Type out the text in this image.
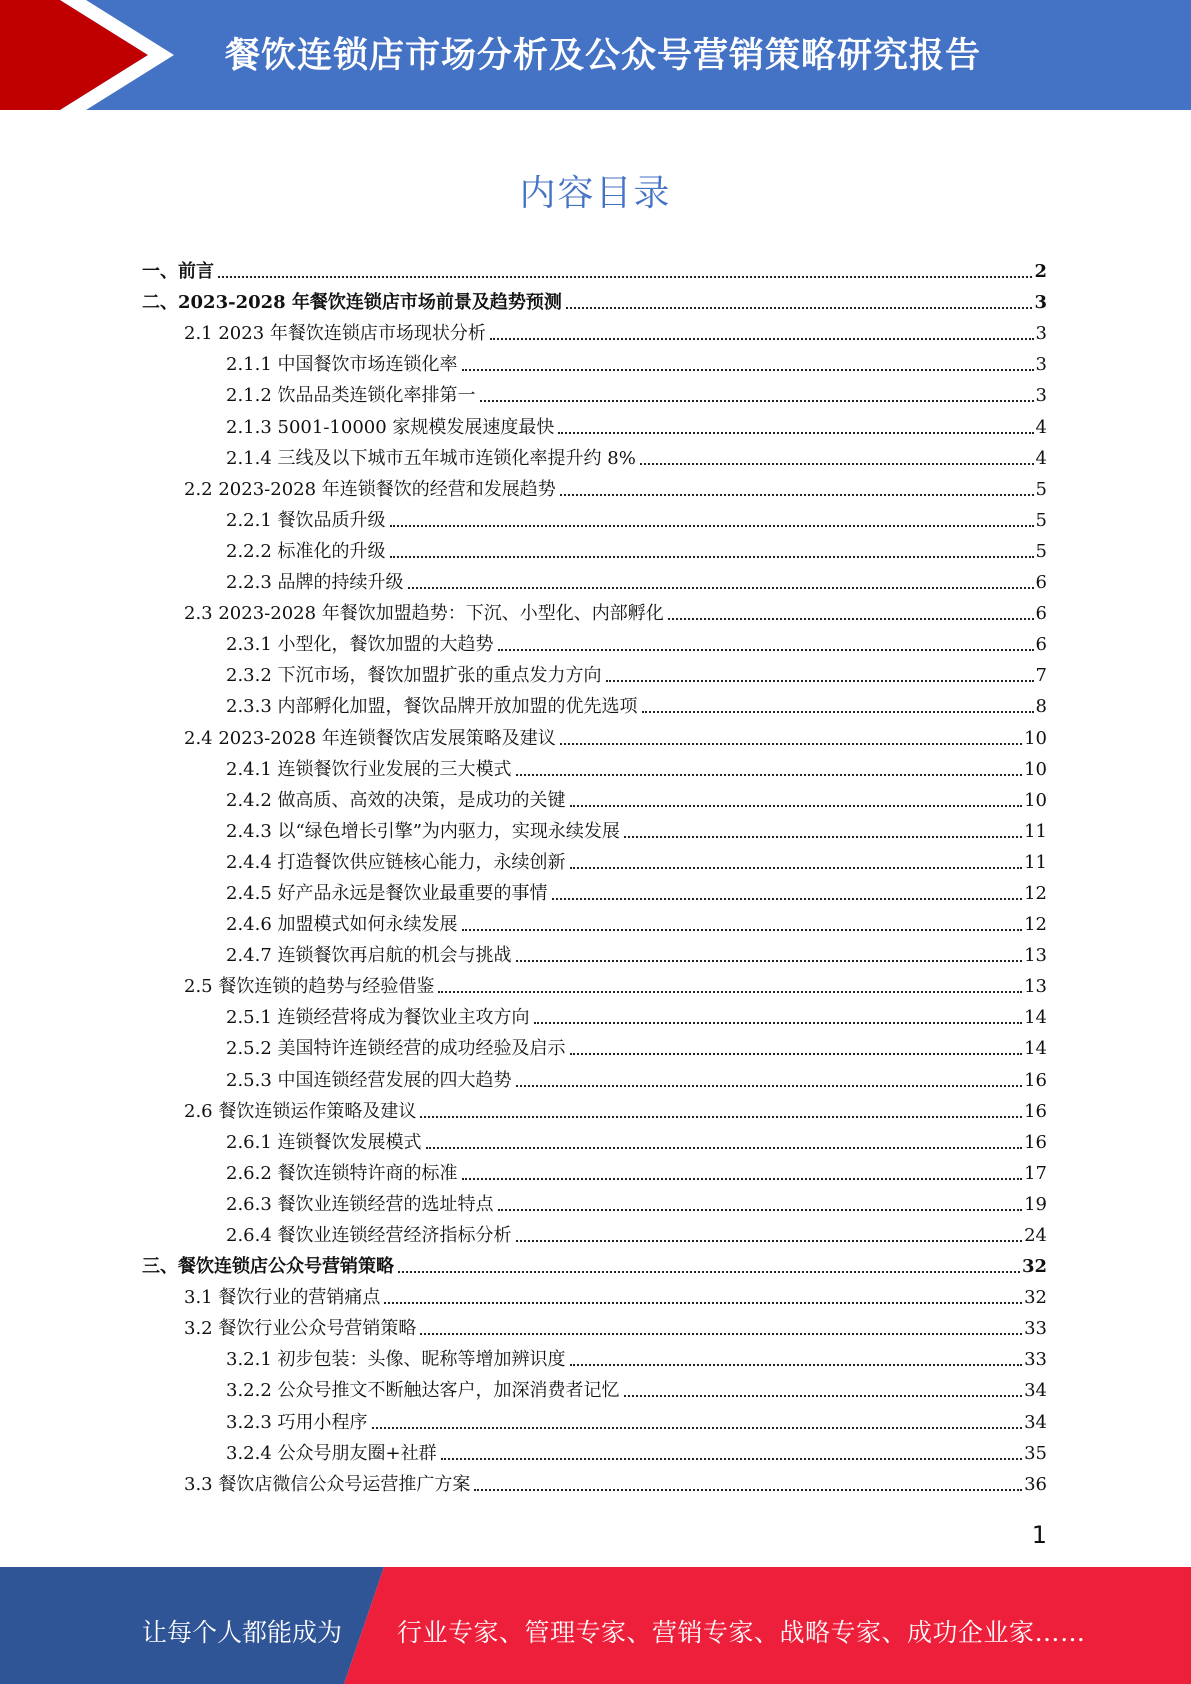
餐饮连锁店市场分析及公众号营销策略研究报告
内容目录
一、前言	2
二、2023-2028 年餐饮连锁店市场前景及趋势预测	3
2.1 2023 年餐饮连锁店市场现状分析	3
2.1.1 中国餐饮市场连锁化率	3
2.1.2 饮品品类连锁化率排第一	3
2.1.3 5001-10000 家规模发展速度最快	4
2.1.4 三线及以下城市五年城市连锁化率提升约 8%	4
2.2 2023-2028 年连锁餐饮的经营和发展趋势	5
2.2.1 餐饮品质升级	5
2.2.2 标准化的升级	5
2.2.3 品牌的持续升级	6
2.3 2023-2028 年餐饮加盟趋势：下沉、小型化、内部孵化	6
2.3.1 小型化，餐饮加盟的大趋势	6
2.3.2 下沉市场，餐饮加盟扩张的重点发力方向	7
2.3.3 内部孵化加盟，餐饮品牌开放加盟的优先选项	8
2.4 2023-2028 年连锁餐饮店发展策略及建议	10
2.4.1 连锁餐饮行业发展的三大模式	10
2.4.2 做高质、高效的决策，是成功的关键	10
2.4.3 以“绿色增长引擎”为内驱力，实现永续发展	11
2.4.4 打造餐饮供应链核心能力，永续创新	11
2.4.5 好产品永远是餐饮业最重要的事情	12
2.4.6 加盟模式如何永续发展	12
2.4.7 连锁餐饮再启航的机会与挑战	13
2.5 餐饮连锁的趋势与经验借鉴	13
2.5.1 连锁经营将成为餐饮业主攻方向	14
2.5.2 美国特许连锁经营的成功经验及启示	14
2.5.3 中国连锁经营发展的四大趋势	16
2.6 餐饮连锁运作策略及建议	16
2.6.1 连锁餐饮发展模式	16
2.6.2 餐饮连锁特许商的标准	17
2.6.3 餐饮业连锁经营的选址特点	19
2.6.4 餐饮业连锁经营经济指标分析	24
三、餐饮连锁店公众号营销策略	32
3.1 餐饮行业的营销痛点	32
3.2 餐饮行业公众号营销策略	33
3.2.1 初步包装：头像、昵称等增加辨识度	33
3.2.2 公众号推文不断触达客户，加深消费者记忆	34
3.2.3 巧用小程序	34
3.2.4 公众号朋友圈+社群	35
3.3 餐饮店微信公众号运营推广方案	36
1
让每个人都能成为 行业专家、管理专家、营销专家、战略专家、成功企业家……
